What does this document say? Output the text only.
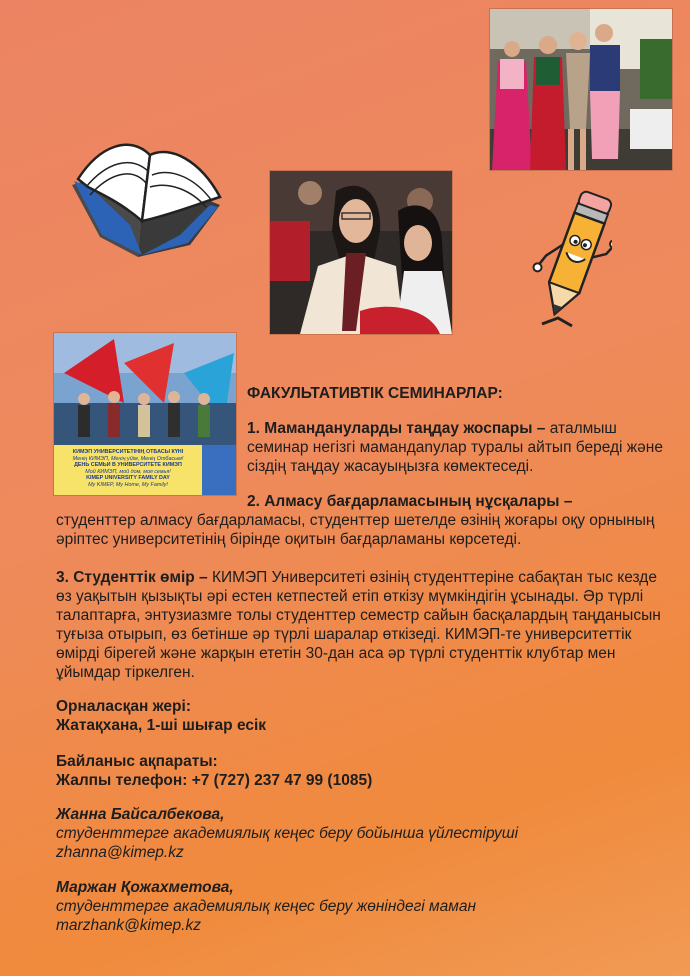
КИМЭП УНИВЕРСИТЕТІНІҢ ОТБАСЫ КҮНІ
Менің КИМЭП, Менің үйім, Менің Отбасым!
ДЕНЬ СЕМЬИ В УНИВЕРСИТЕТЕ КИМЭП
Мой КИМЭП, мой дом, моя семья!
KIMEP UNIVERSITY FAMILY DAY
My KIMEP, My Home, My Family!
ФАКУЛЬТАТИВТІК СЕМИНАРЛАР:
1. Мамандануларды таңдау жоспары – аталмыш семинар негізгі мамандanулар туралы айтып береді және сіздің таңдау жасауыңызға көмектеседі.
2. Алмасу бағдарламасының нұсқалары –
студенттер алмасу бағдарламасы, студенттер шетелде өзінің жоғары оқу орнының әріптес университетінің бірінде оқитын бағдарламаны көрсетеді.
3. Студенттік өмір – КИМЭП Университеті өзінің студенттеріне сабақтан тыс кезде өз уақытын қызықты әрі естен кетпестей етіп өткізу мүмкіндігін ұсынады. Әр түрлі талаптарға, энтузиазмге толы студенттер семестр сайын басқалардың таңданысын туғыза отырып, өз бетінше әр түрлі шаралар өткізеді. КИМЭП-те университеттік өмірді бірегей және жарқын ететін 30-дан аса әр түрлі студенттік клубтар мен ұйымдар тіркелген.
Орналасқан жері:
Жатақхана, 1-ші шығар есік
Байланыс ақпараты:
Жалпы телефон: +7 (727) 237 47 99 (1085)
Жанна Байсалбекова,
студенттерге академиялық кеңес беру бойынша үйлестіруші
zhanna@kimep.kz
Маржан Қожахметова,
студенттерге академиялық кеңес беру жөніндегі маман
marzhank@kimep.kz
